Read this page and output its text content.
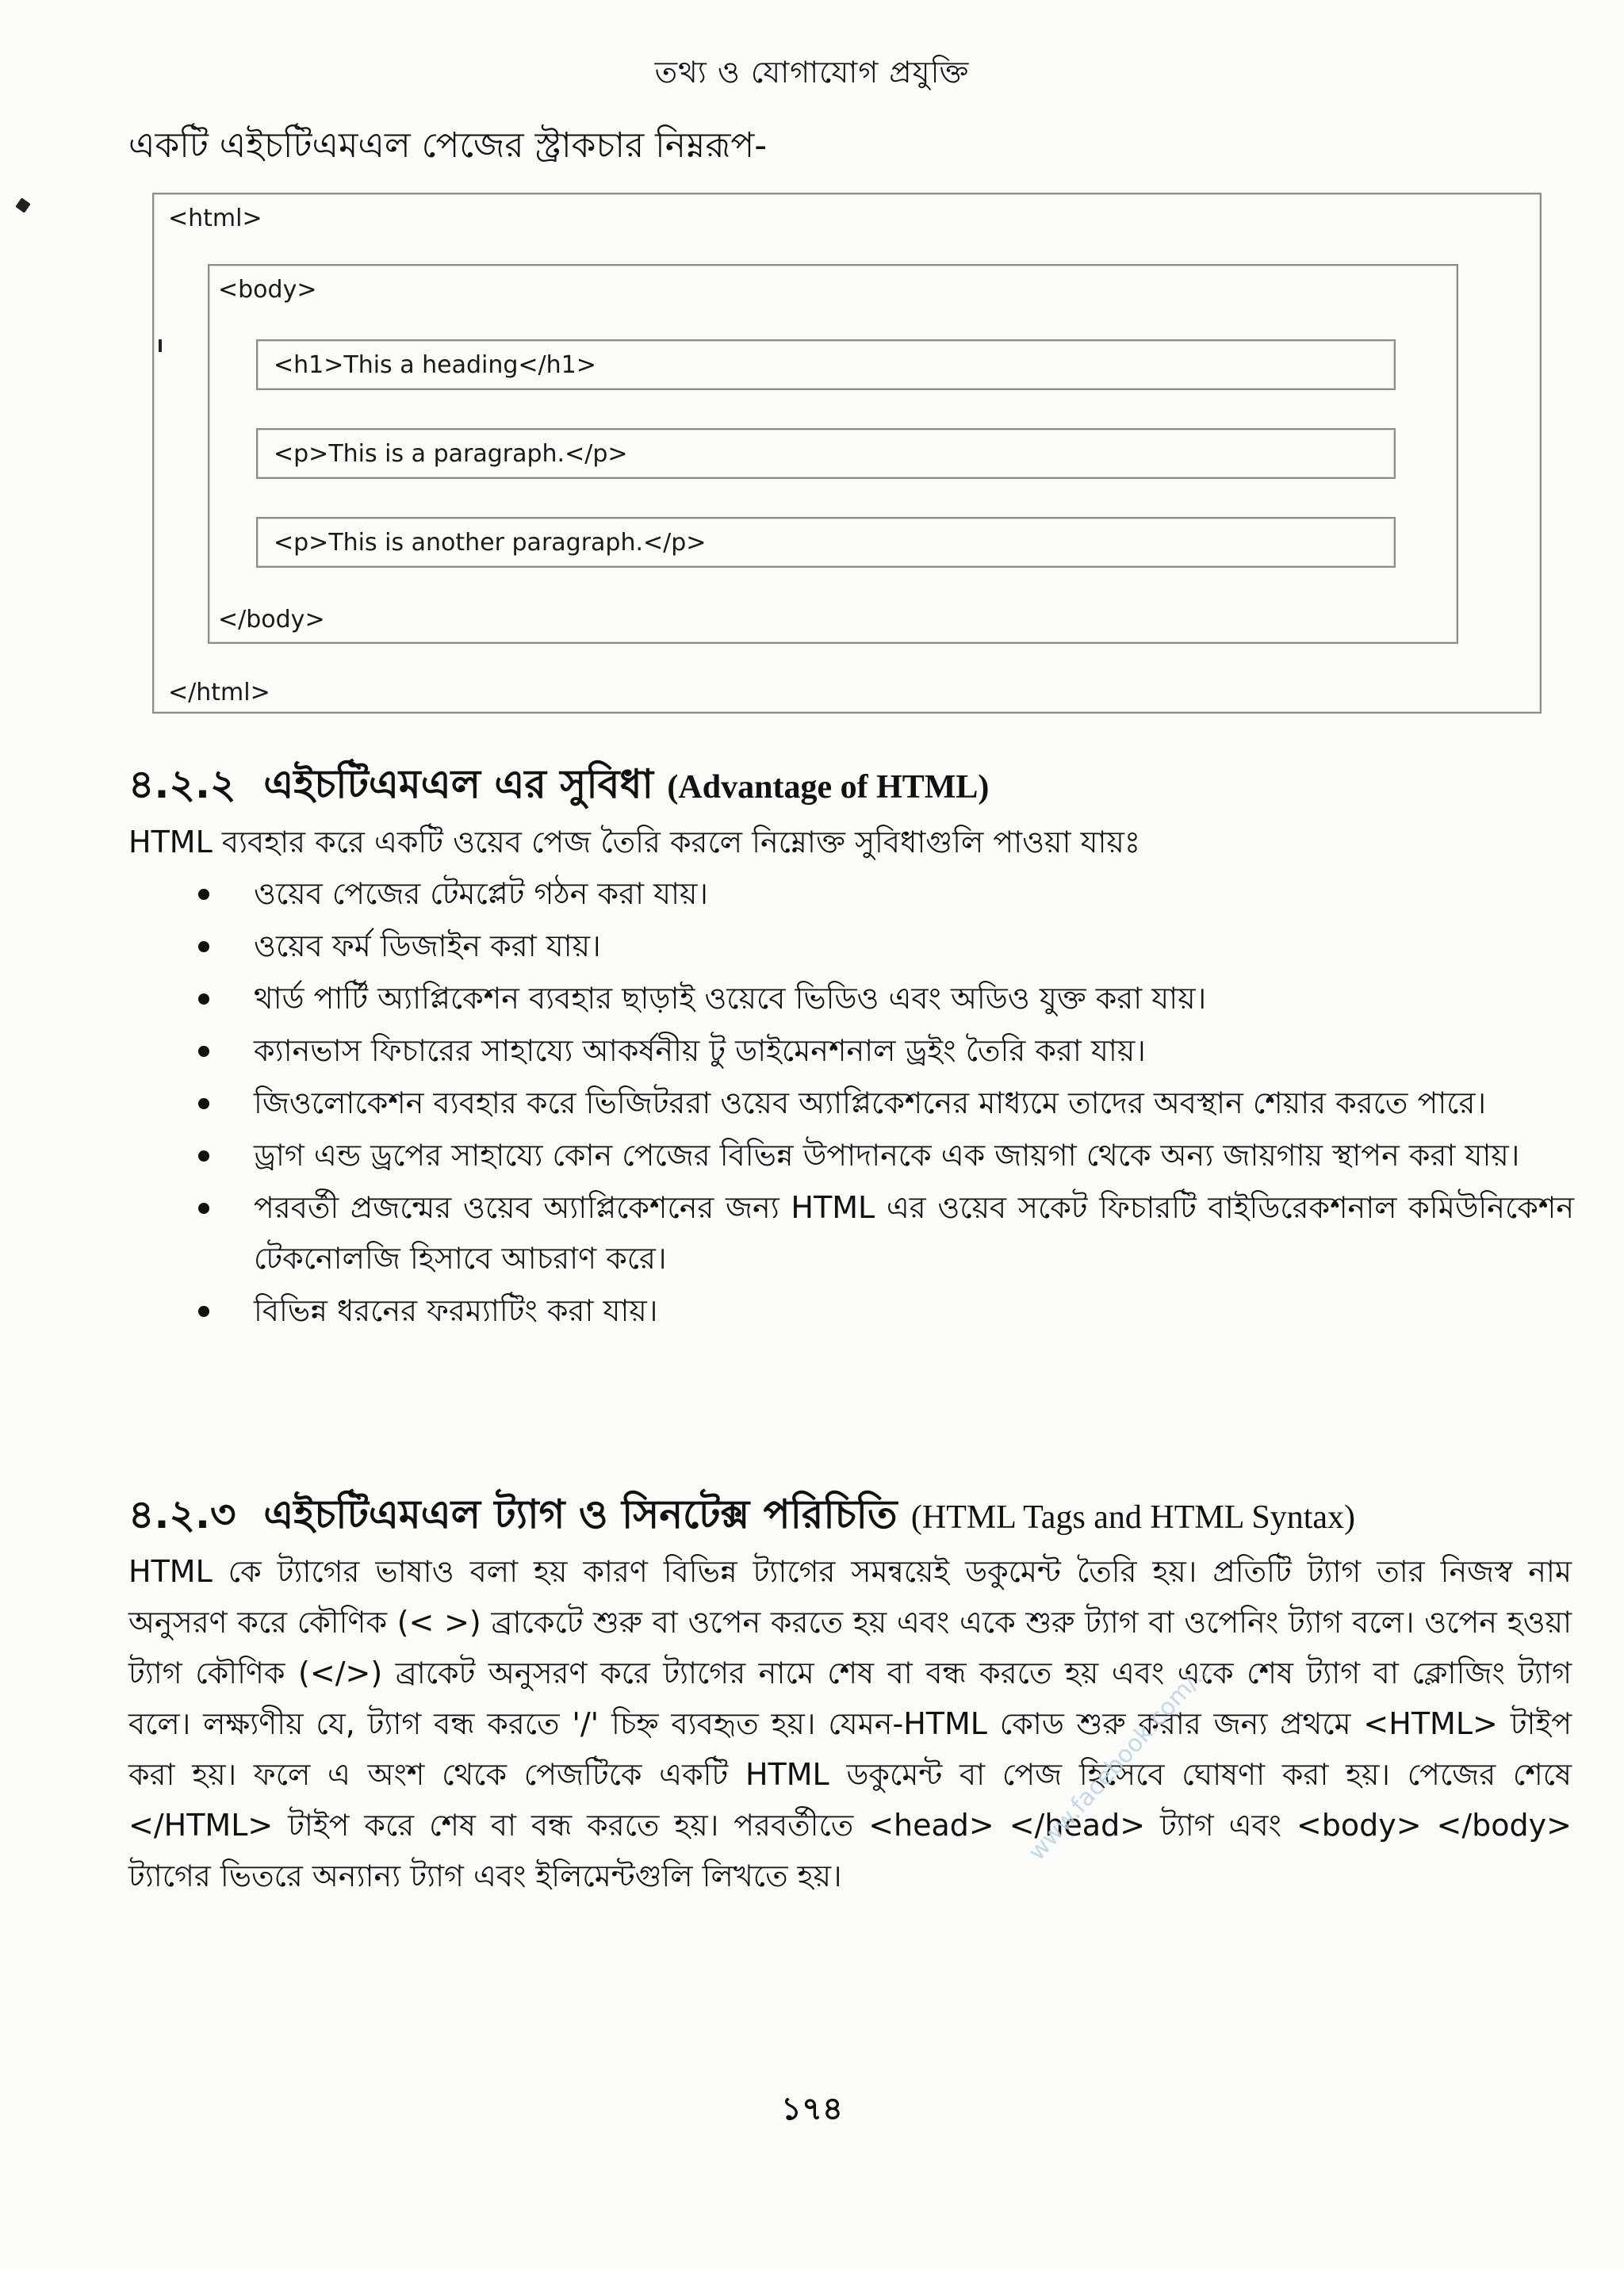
তথ্য ও যোগাযোগ প্রযুক্তি
একটি এইচটিএমএল পেজের স্ট্রাকচার নিম্নরূপ-
<html>
<body>
<h1>This a heading</h1>
<p>This is a paragraph.</p>
<p>This is another paragraph.</p>
</body>
</html>
৪.২.২ এইচটিএমএল এর সুবিধা (Advantage of HTML)
HTML ব্যবহার করে একটি ওয়েব পেজ তৈরি করলে নিম্নোক্ত সুবিধাগুলি পাওয়া যায়ঃ
ওয়েব পেজের টেমপ্লেট গঠন করা যায়।
ওয়েব ফর্ম ডিজাইন করা যায়।
থার্ড পার্টি অ্যাপ্লিকেশন ব্যবহার ছাড়াই ওয়েবে ভিডিও এবং অডিও যুক্ত করা যায়।
ক্যানভাস ফিচারের সাহায্যে আকর্ষনীয় টু ডাইমেনশনাল ড্রইং তৈরি করা যায়।
জিওলোকেশন ব্যবহার করে ভিজিটররা ওয়েব অ্যাপ্লিকেশনের মাধ্যমে তাদের অবস্থান শেয়ার করতে পারে।
ড্রাগ এন্ড ড্রপের সাহায্যে কোন পেজের বিভিন্ন উপাদানকে এক জায়গা থেকে অন্য জায়গায় স্থাপন করা যায়।
পরবর্তী প্রজন্মের ওয়েব অ্যাপ্লিকেশনের জন্য HTML এর ওয়েব সকেট ফিচারটি বাইডিরেকশনাল কমিউনিকেশন টেকনোলজি হিসাবে আচরাণ করে।
বিভিন্ন ধরনের ফরম্যাটিং করা যায়।
৪.২.৩ এইচটিএমএল ট্যাগ ও সিনটেক্স পরিচিতি (HTML Tags and HTML Syntax)
HTML কে ট্যাগের ভাষাও বলা হয় কারণ বিভিন্ন ট্যাগের সমন্বয়েই ডকুমেন্ট তৈরি হয়। প্রতিটি ট্যাগ তার নিজস্ব নাম অনুসরণ করে কৌণিক (< >) ব্রাকেটে শুরু বা ওপেন করতে হয় এবং একে শুরু ট্যাগ বা ওপেনিং ট্যাগ বলে। ওপেন হওয়া ট্যাগ কৌণিক (</>) ব্রাকেট অনুসরণ করে ট্যাগের নামে শেষ বা বন্ধ করতে হয় এবং একে শেষ ট্যাগ বা ক্লোজিং ট্যাগ বলে। লক্ষ্যণীয় যে, ট্যাগ বন্ধ করতে '/' চিহ্ন ব্যবহৃত হয়। যেমন-HTML কোড শুরু করার জন্য প্রথমে <HTML> টাইপ করা হয়। ফলে এ অংশ থেকে পেজটিকে একটি HTML ডকুমেন্ট বা পেজ হিসেবে ঘোষণা করা হয়। পেজের শেষে </HTML> টাইপ করে শেষ বা বন্ধ করতে হয়। পরবর্তীতে <head> </head> ট্যাগ এবং <body> </body> ট্যাগের ভিতরে অন্যান্য ট্যাগ এবং ইলিমেন্টগুলি লিখতে হয়।
www.facebook.com/...
১৭৪
